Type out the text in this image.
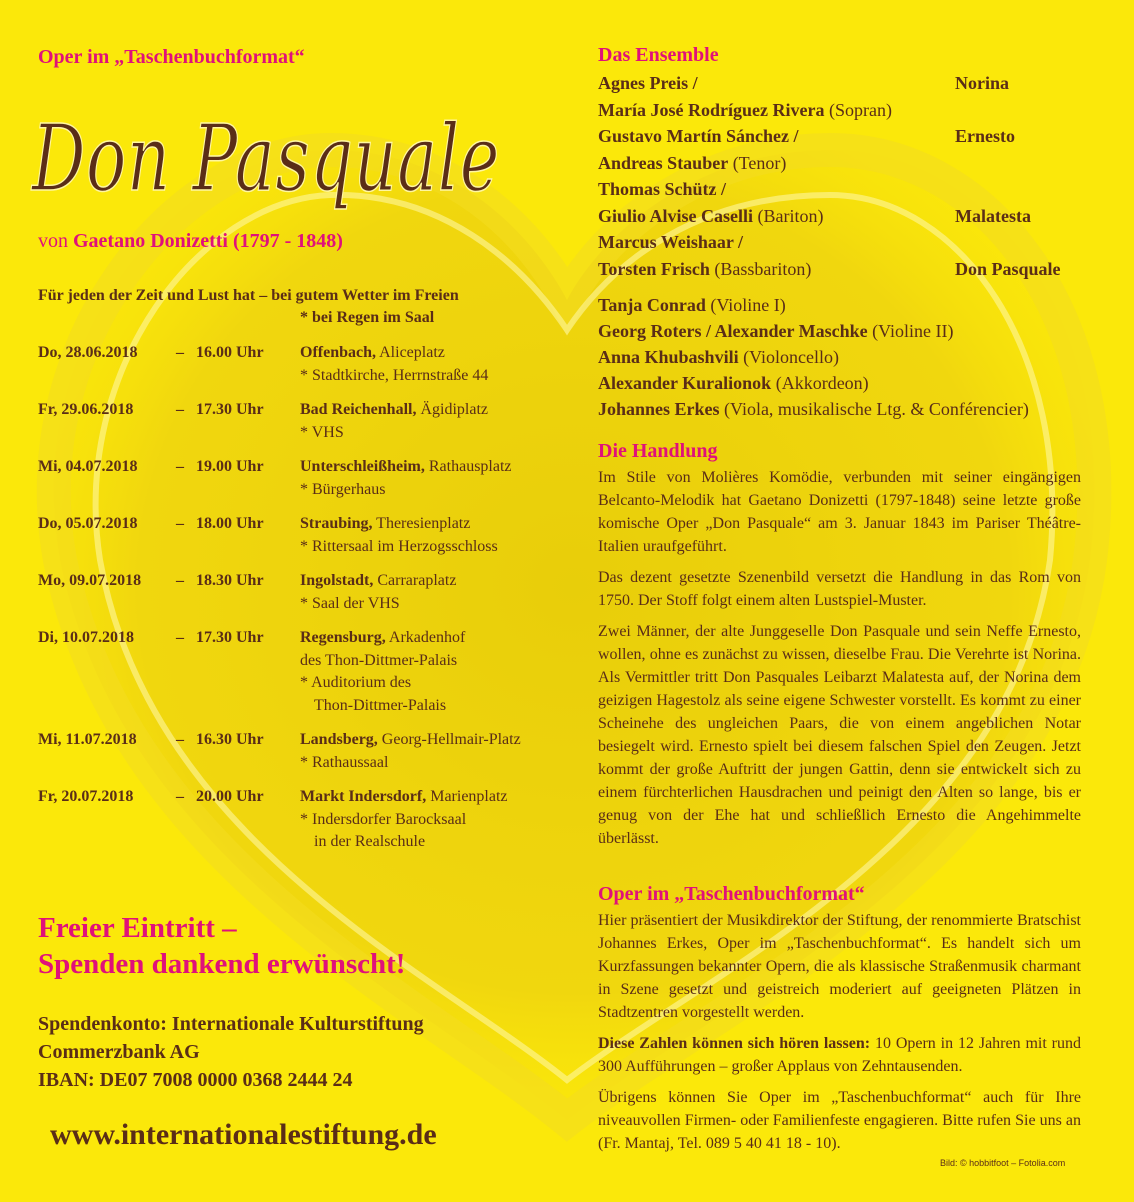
Oper im „Taschenbuchformat“
Don Pasquale
von Gaetano Donizetti (1797 - 1848)
Für jeden der Zeit und Lust hat – bei gutem Wetter im Freien
* bei Regen im Saal
Do, 28.06.2018	– 16.00 Uhr Offenbach, Aliceplatz
* Stadtkirche, Herrnstraße 44
Fr, 29.06.2018	– 17.30 Uhr Bad Reichenhall, Ägidiplatz
* VHS
Mi, 04.07.2018	– 19.00 Uhr Unterschleißheim, Rathausplatz
* Bürgerhaus
Do, 05.07.2018	– 18.00 Uhr Straubing, Theresienplatz
* Rittersaal im Herzogsschloss
Mo, 09.07.2018	– 18.30 Uhr Ingolstadt, Carraraplatz
* Saal der VHS
Di, 10.07.2018	– 17.30 Uhr Regensburg, Arkadenhof
des Thon-Dittmer-Palais
* Auditorium des
Thon-Dittmer-Palais
Mi, 11.07.2018	– 16.30 Uhr Landsberg, Georg-Hellmair-Platz
* Rathaussaal
Fr, 20.07.2018	– 20.00 Uhr Markt Indersdorf, Marienplatz
* Indersdorfer Barocksaal
in der Realschule
Freier Eintritt –
Spenden dankend erwünscht!
Spendenkonto: Internationale Kulturstiftung
Commerzbank AG
IBAN: DE07 7008 0000 0368 2444 24
www.internationalestiftung.de
Das Ensemble
Agnes Preis /	Norina
María José Rodríguez Rivera (Sopran)
Gustavo Martín Sánchez /	Ernesto
Andreas Stauber (Tenor)
Thomas Schütz /
Giulio Alvise Caselli (Bariton)	Malatesta
Marcus Weishaar /
Torsten Frisch (Bassbariton)	Don Pasquale
Tanja Conrad (Violine I)
Georg Roters / Alexander Maschke (Violine II)
Anna Khubashvili (Violoncello)
Alexander Kuralionok (Akkordeon)
Johannes Erkes (Viola, musikalische Ltg. & Conférencier)
Die Handlung

Im Stile von Molières Komödie, verbunden mit seiner eingängigen Belcanto-Melodik hat Gaetano Donizetti (1797-1848) seine letzte große komische Oper „Don Pasquale“ am 3. Januar 1843 im Pariser Théâtre-Italien uraufgeführt.

Das dezent gesetzte Szenenbild versetzt die Handlung in das Rom von 1750. Der Stoff folgt einem alten Lustspiel-Muster.

Zwei Männer, der alte Junggeselle Don Pasquale und sein Neffe Ernesto, wollen, ohne es zunächst zu wissen, dieselbe Frau. Die Verehrte ist Norina. Als Vermittler tritt Don Pasquales Leibarzt Malatesta auf, der Norina dem geizigen Hagestolz als seine eigene Schwester vorstellt. Es kommt zu einer Scheinehe des ungleichen Paars, die von einem angeblichen Notar besiegelt wird. Ernesto spielt bei diesem falschen Spiel den Zeugen. Jetzt kommt der große Auftritt der jungen Gattin, denn sie entwickelt sich zu einem fürchterlichen Hausdrachen und peinigt den Alten so lange, bis er genug von der Ehe hat und schließlich Ernesto die Angehimmelte überlässt.

Oper im „Taschenbuchformat“

Hier präsentiert der Musikdirektor der Stiftung, der renommierte Bratschist Johannes Erkes, Oper im „Taschenbuchformat“. Es handelt sich um Kurzfassungen bekannter Opern, die als klassische Straßenmusik charmant in Szene gesetzt und geistreich moderiert auf geeigneten Plätzen in Stadtzentren vorgestellt werden.

Diese Zahlen können sich hören lassen: 10 Opern in 12 Jahren mit rund 300 Aufführungen – großer Applaus von Zehntausenden.

Übrigens können Sie Oper im „Taschenbuchformat“ auch für Ihre niveauvollen Firmen- oder Familienfeste engagieren. Bitte rufen Sie uns an (Fr. Mantaj, Tel. 089 5 40 41 18 - 10).

Bild: © hobbitfoot – Fotolia.com
